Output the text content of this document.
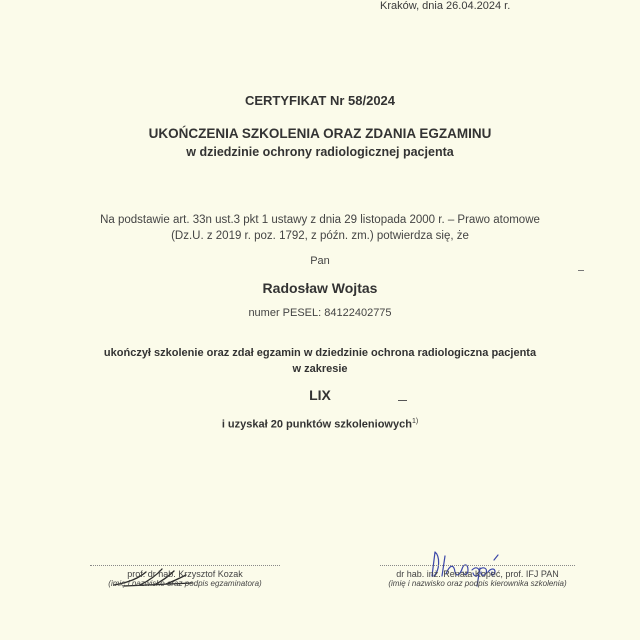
Kraków, dnia 26.04.2024 r.
CERTYFIKAT Nr 58/2024
UKOŃCZENIA SZKOLENIA ORAZ ZDANIA EGZAMINU
w dziedzinie ochrony radiologicznej pacjenta
Na podstawie art. 33n ust.3 pkt 1 ustawy z dnia 29 listopada 2000 r. – Prawo atomowe
(Dz.U. z 2019 r. poz. 1792, z późn. zm.) potwierdza się, że
Pan
Radosław Wojtas
numer PESEL: 84122402775
ukończył szkolenie oraz zdał egzamin w dziedzinie ochrona radiologiczna pacjenta
w zakresie
LIX
i uzyskał 20 punktów szkoleniowych$^{1)}$
prof. dr hab. Krzysztof Kozak
(imię i nazwisko oraz podpis egzaminatora)
dr hab. inż. Renata Kopeć, prof. IFJ PAN
(imię i nazwisko oraz podpis kierownika szkolenia)
